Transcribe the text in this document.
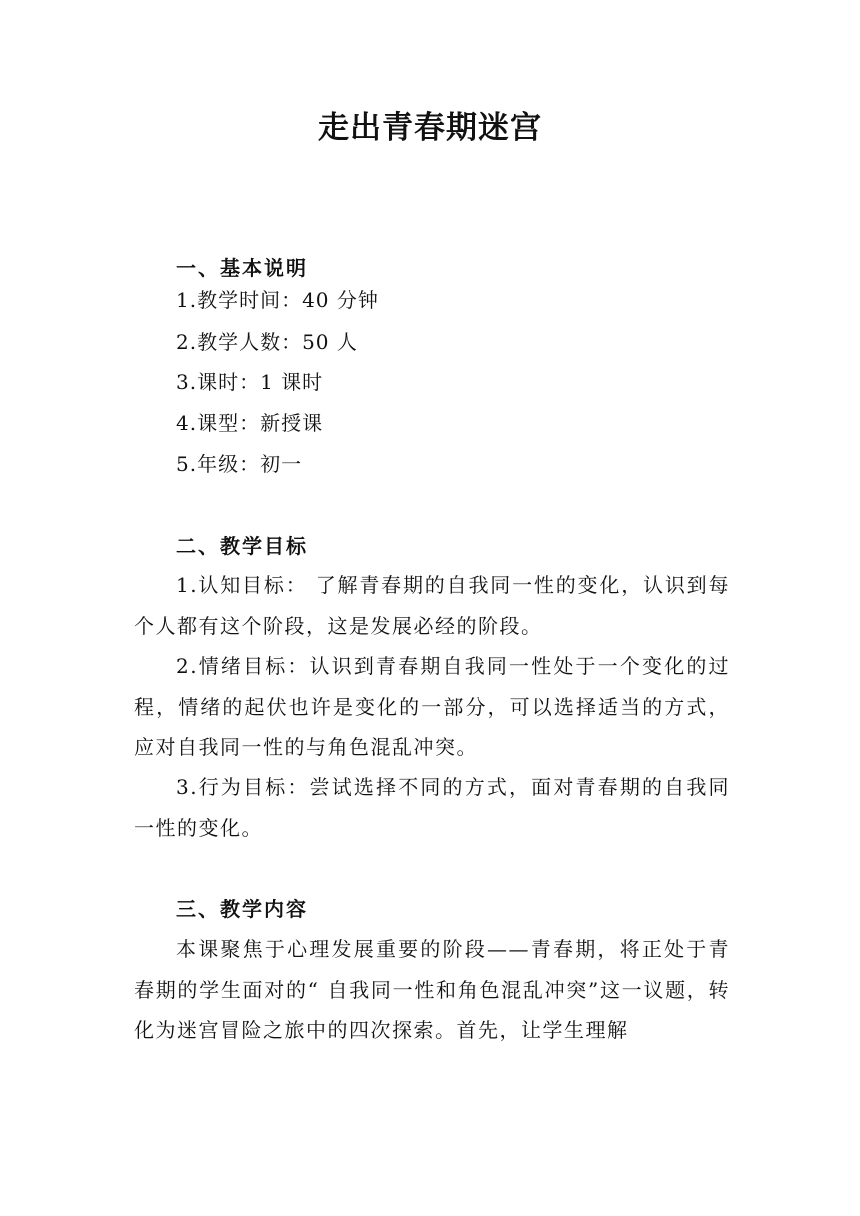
走出青春期迷宫
一、基本说明
1.教学时间：40 分钟
2.教学人数：50 人
3.课时：1 课时
4.课型：新授课
5.年级：初一
二、教学目标
1.认知目标： 了解青春期的自我同一性的变化，认识到每个人都有这个阶段，这是发展必经的阶段。
2.情绪目标：认识到青春期自我同一性处于一个变化的过程，情绪的起伏也许是变化的一部分，可以选择适当的方式，应对自我同一性的与角色混乱冲突。
3.行为目标：尝试选择不同的方式，面对青春期的自我同一性的变化。
三、教学内容
本课聚焦于心理发展重要的阶段——青春期，将正处于青春期的学生面对的“ 自我同一性和角色混乱冲突”这一议题，转化为迷宫冒险之旅中的四次探索。首先，让学生理解
